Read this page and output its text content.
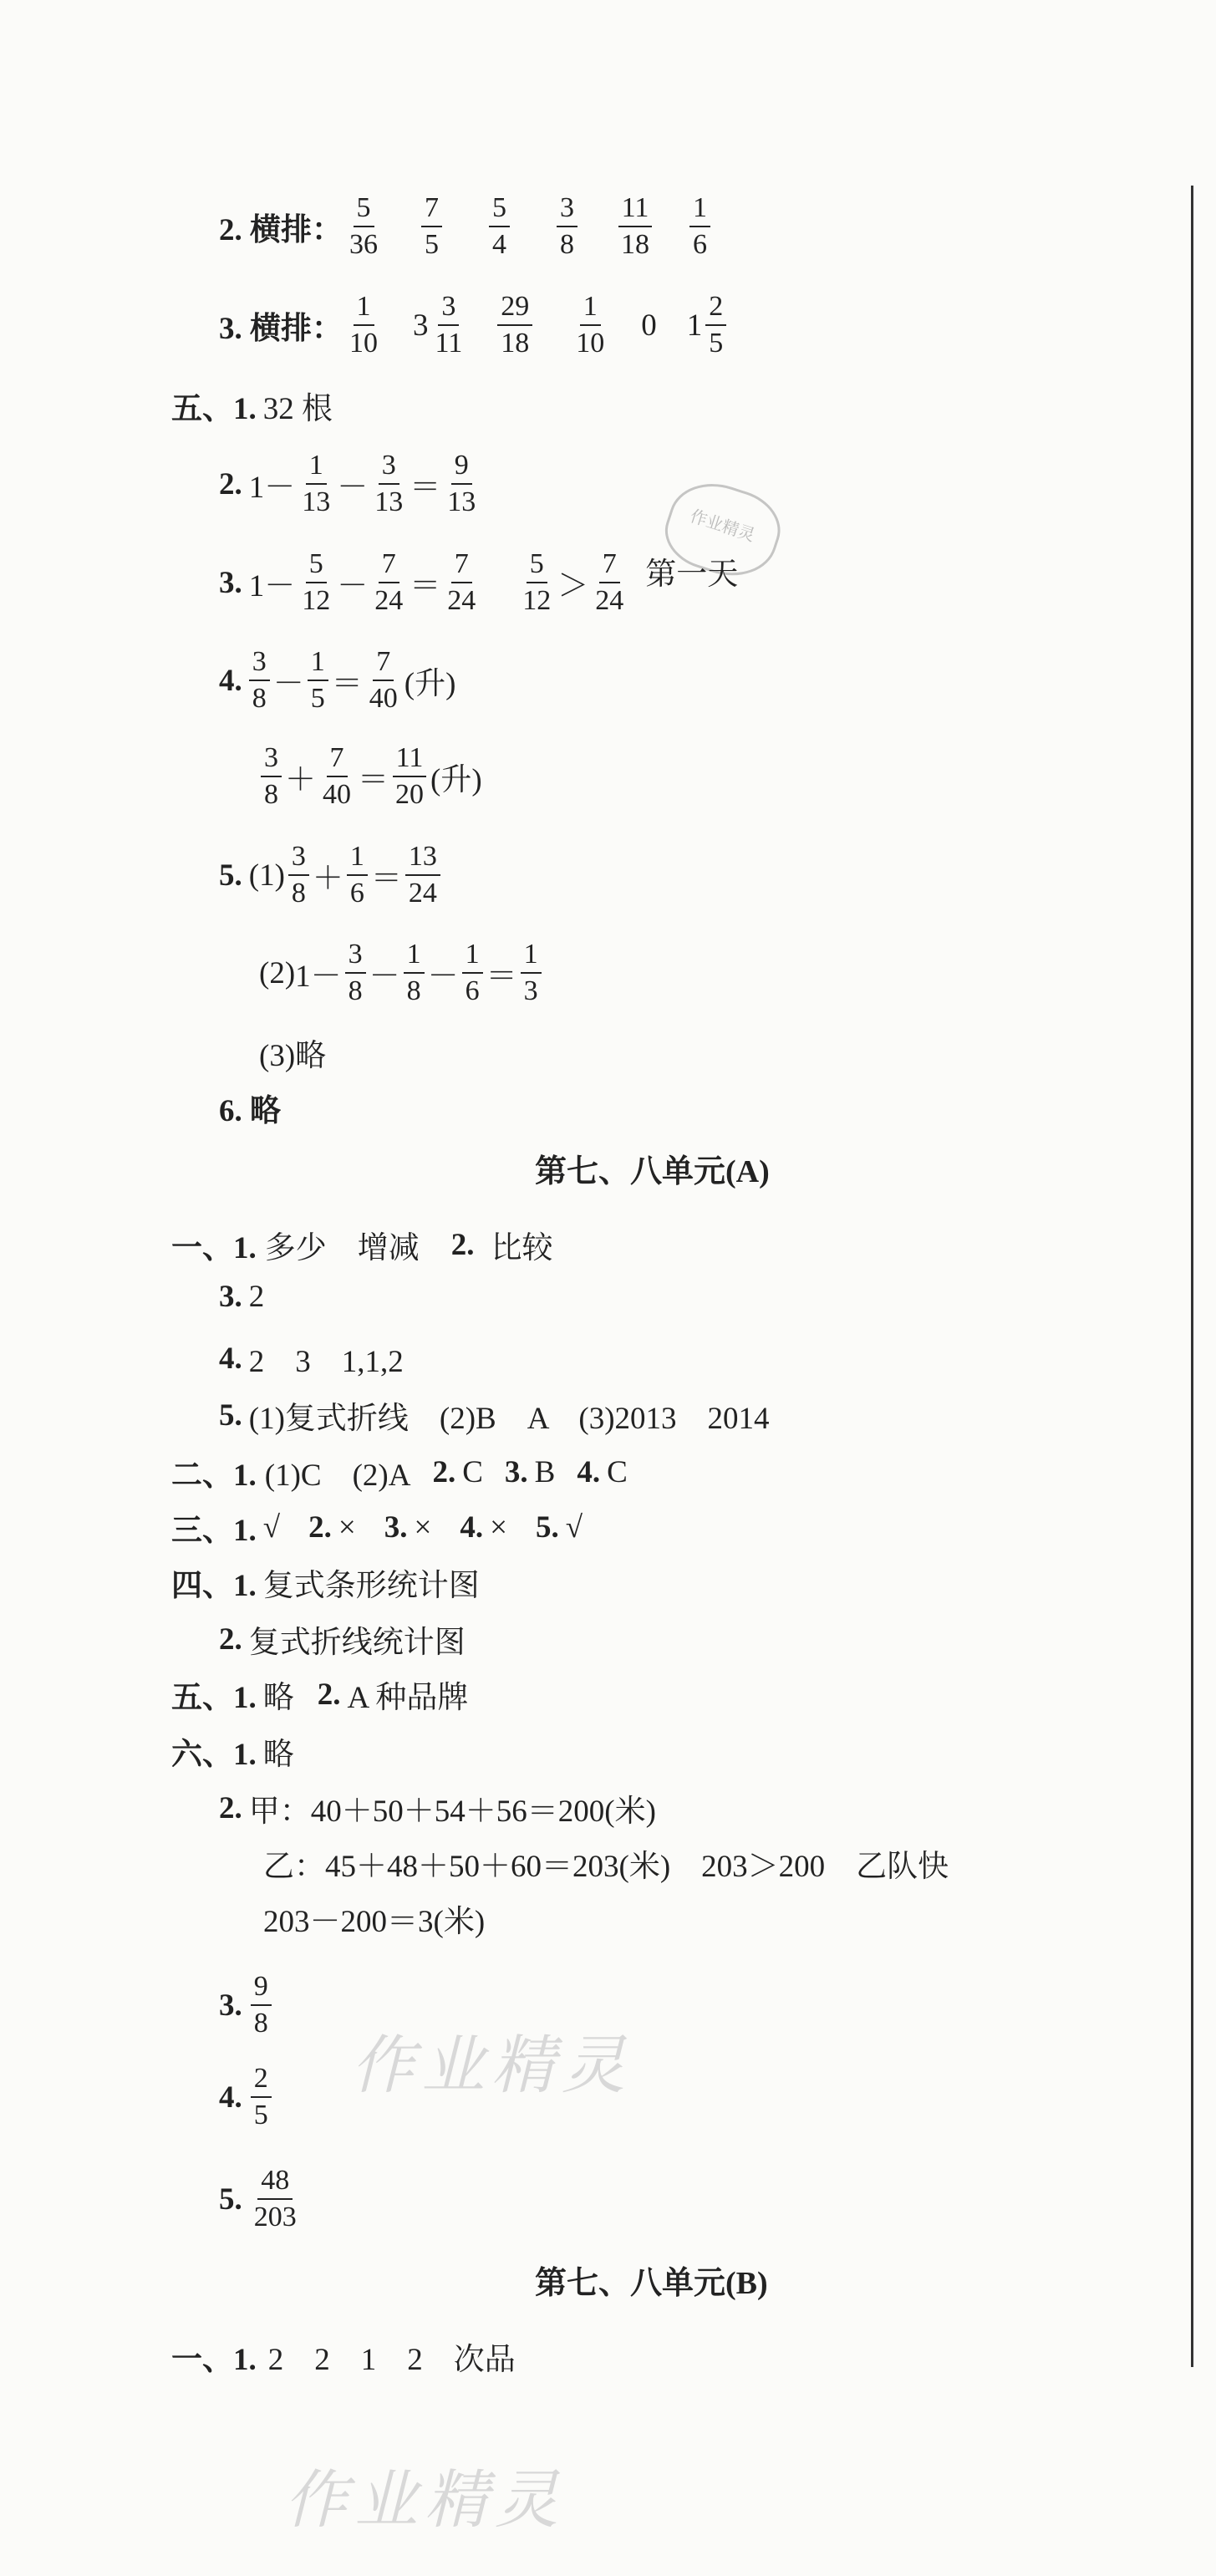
2. 横排： $\frac{5}{36} \frac{7}{5} \frac{5}{4} \frac{3}{8} \frac{11}{18} \frac{1}{6}$
3. 横排： $\frac{1}{10} 3 \frac{3}{11} \frac{29}{18} \frac{1}{10} 0$ $1 \frac{2}{5}$
五、1. 32 根
2. $1- \frac{1}{13} - \frac{3}{13} = \frac{9}{13}$
作业精灵
3. $1- \frac{5}{12} - \frac{7}{24} = \frac{7}{24} \frac{5}{12} > \frac{7}{24}$ 第一天
4. $\frac{3}{8} - \frac{1}{5} = \frac{7}{40}$ (升)
$\frac{3}{8} + \frac{7}{40} = \frac{11}{20}$ (升)
5. $(1) \frac{3}{8} + \frac{1}{6} = \frac{13}{24}$
(2) $1- \frac{3}{8} - \frac{1}{8} - \frac{1}{6} = \frac{1}{3}$
(3)略
6. 略
第七、八单元(A)
一、1. 多少　增减 2. 比较
3. 2
4. 2　3　1,1,2
5. (1)复式折线　(2)B　A　(3)2013　2014
二、1. (1)C　(2)A 2. C 3. B 4. C
三、1. √ 2. × 3. × 4. × 5. √
四、1. 复式条形统计图
2. 复式折线统计图
五、1. 略 2. A 种品牌
六、1. 略
2. 甲：40＋50＋54＋56＝200(米)
乙：45＋48＋50＋60＝203(米)　203＞200　乙队快
203－200＝3(米)
3. $\frac{9}{8}$
作业精灵
4. $\frac{2}{5}$
5. $\frac{48}{203}$
第七、八单元(B)
一、1. 2　2　1　2　次品
作业精灵
